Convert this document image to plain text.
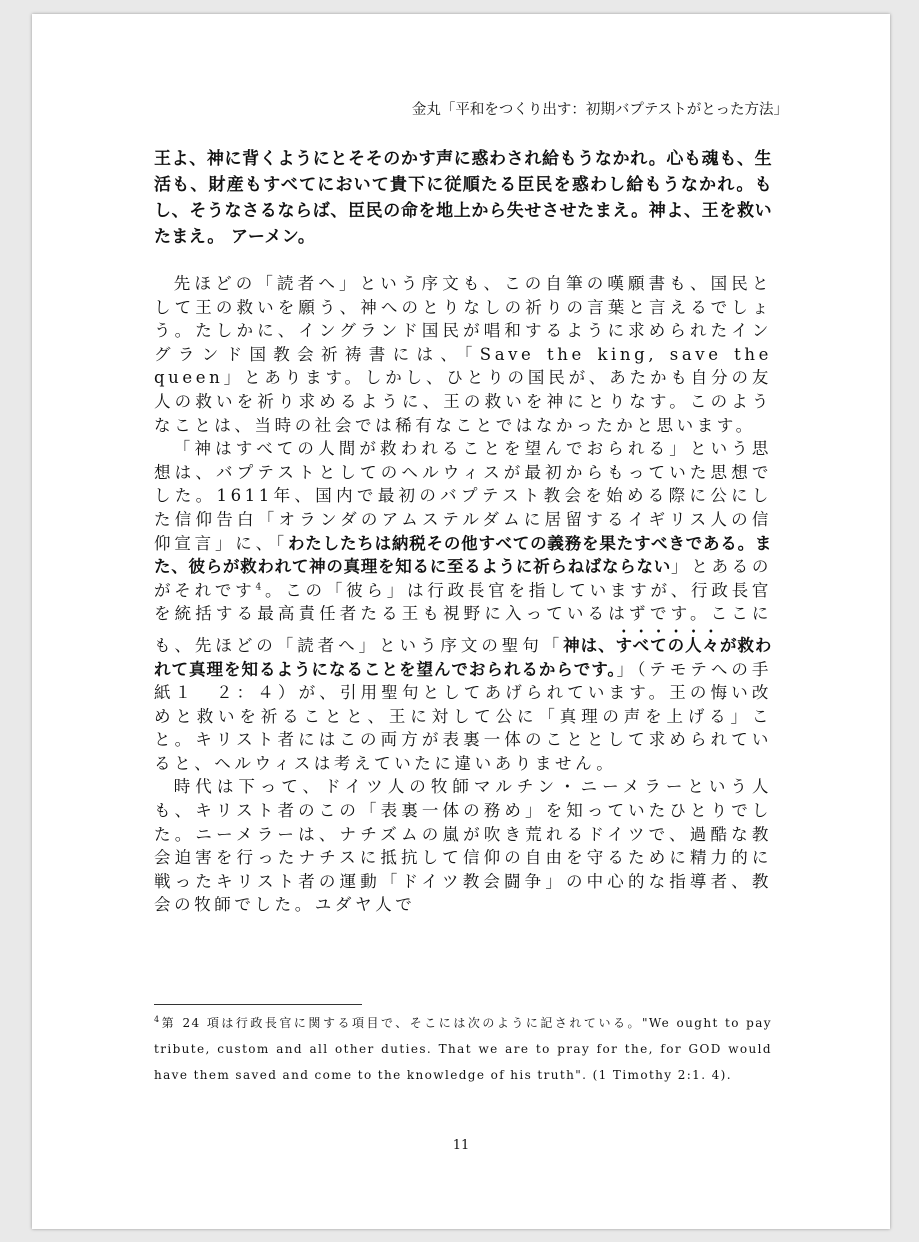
金丸「平和をつくり出す：初期バプテストがとった方法」
王よ、神に背くようにとそそのかす声に惑わされ給もうなかれ。心も魂も、生活も、財産もすべてにおいて貴下に従順たる臣民を惑わし給もうなかれ。もし、そうなさるならば、臣民の命を地上から失せさせたまえ。神よ、王を救いたまえ。 アーメン。

先ほどの「読者へ」という序文も、この自筆の嘆願書も、国民として王の救いを願う、神へのとりなしの祈りの言葉と言えるでしょう。たしかに、イングランド国民が唱和するように求められたイングランド国教会祈祷書には、「Save the king, save the queen」とあります。しかし、ひとりの国民が、あたかも自分の友人の救いを祈り求めるように、王の救いを神にとりなす。このようなことは、当時の社会では稀有なことではなかったかと思います。

「神はすべての人間が救われることを望んでおられる」という思想は、バプテストとしてのヘルウィスが最初からもっていた思想でした。1611年、国内で最初のバプテスト教会を始める際に公にした信仰告白「オランダのアムステルダムに居留するイギリス人の信仰宣言」に、「わたしたちは納税その他すべての義務を果たすべきである。また、彼らが救われて神の真理を知るに至るように祈らねばならない」とあるのがそれです$^4$。この「彼ら」は行政長官を指していますが、行政長官を統括する最高責任者たる王も視野に入っているはずです。ここにも、先ほどの「読者へ」という序文の聖句「神は、すべての人々が救われて真理を知るようになることを望んでおられるからです。」（テモテへの手紙１　２：４）が、引用聖句としてあげられています。王の悔い改めと救いを祈ることと、王に対して公に「真理の声を上げる」こと。キリスト者にはこの両方が表裏一体のこととして求められていると、ヘルウィスは考えていたに違いありません。

時代は下って、ドイツ人の牧師マルチン・ニーメラーという人も、キリスト者のこの「表裏一体の務め」を知っていたひとりでした。ニーメラーは、ナチズムの嵐が吹き荒れるドイツで、過酷な教会迫害を行ったナチスに抵抗して信仰の自由を守るために精力的に戦ったキリスト者の運動「ドイツ教会闘争」の中心的な指導者、教会の牧師でした。ユダヤ人で

$^4$第 24 項は行政長官に関する項目で、そこには次のように記されている。"We ought to pay tribute, custom and all other duties. That we are to pray for the, for GOD would have them saved and come to the knowledge of his truth". (1 Timothy 2:1. 4).
11
